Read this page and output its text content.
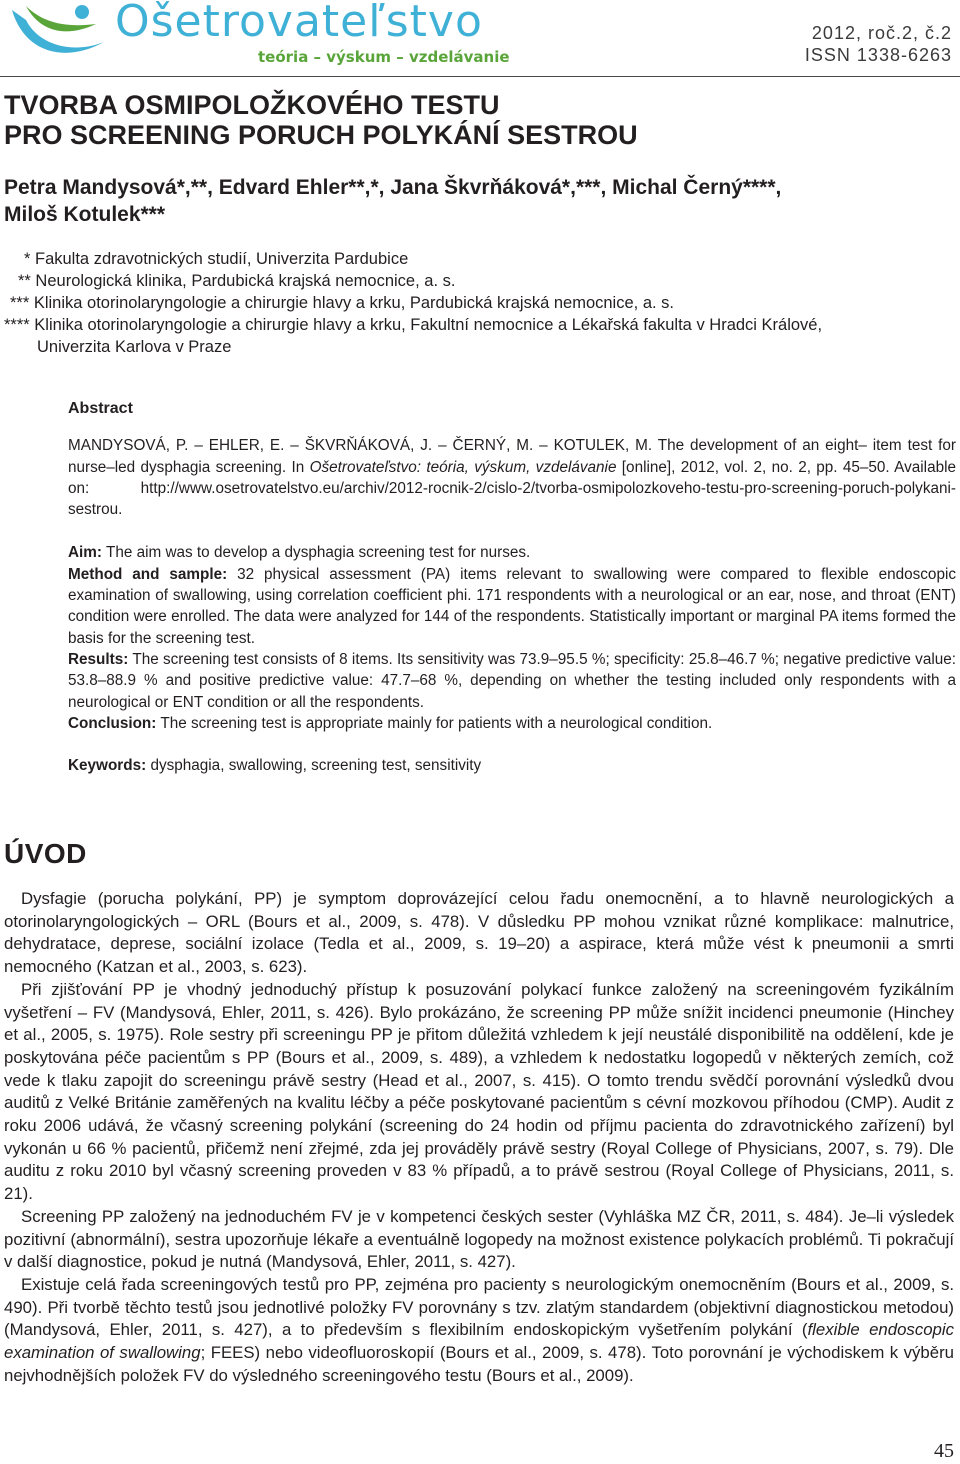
Ošetrovateľstvo
teória – výskum – vzdelávanie
2012, roč.2, č.2
ISSN 1338-6263
TVORBA OSMIPOLOŽKOVÉHO TESTU
PRO SCREENING PORUCH POLYKÁNÍ SESTROU
Petra Mandysová*,**, Edvard Ehler**,*, Jana Škvrňáková*,***, Michal Černý****,
Miloš Kotulek***
* Fakulta zdravotnických studií, Univerzita Pardubice
** Neurologická klinika, Pardubická krajská nemocnice, a. s.
*** Klinika otorinolaryngologie a chirurgie hlavy a krku, Pardubická krajská nemocnice, a. s.
**** Klinika otorinolaryngologie a chirurgie hlavy a krku, Fakultní nemocnice a Lékařská fakulta v Hradci Králové,
Univerzita Karlova v Praze
Abstract

MANDYSOVÁ, P. – EHLER, E. – ŠKVRŇÁKOVÁ, J. – ČERNÝ, M. – KOTULEK, M. The development of an eight– item test for nurse–led dysphagia screening. In Ošetrovateľstvo: teória, výskum, vzdelávanie [online], 2012, vol. 2, no. 2, pp. 45–50. Available on: http://www.osetrovatelstvo.eu/archiv/2012-rocnik-2/cislo-2/tvorba-osmipolozkoveho-testu-pro-screening-poruch-polykani-sestrou.

Aim: The aim was to develop a dysphagia screening test for nurses.

Method and sample: 32 physical assessment (PA) items relevant to swallowing were compared to flexible endoscopic examination of swallowing, using correlation coefficient phi. 171 respondents with a neurological or an ear, nose, and throat (ENT) condition were enrolled. The data were analyzed for 144 of the respondents. Statistically important or marginal PA items formed the basis for the screening test.

Results: The screening test consists of 8 items. Its sensitivity was 73.9–95.5 %; specificity: 25.8–46.7 %; negative predictive value: 53.8–88.9 % and positive predictive value: 47.7–68 %, depending on whether the testing included only respondents with a neurological or ENT condition or all the respondents.

Conclusion: The screening test is appropriate mainly for patients with a neurological condition.

Keywords: dysphagia, swallowing, screening test, sensitivity

ÚVOD

Dysfagie (porucha polykání, PP) je symptom doprovázející celou řadu onemocnění, a to hlavně neurologických a otorinolaryngologických – ORL (Bours et al., 2009, s. 478). V důsledku PP mohou vznikat různé komplikace: malnutrice, dehydratace, deprese, sociální izolace (Tedla et al., 2009, s. 19–20) a aspirace, která může vést k pneumonii a smrti nemocného (Katzan et al., 2003, s. 623).

Při zjišťování PP je vhodný jednoduchý přístup k posuzování polykací funkce založený na screeningovém fyzikálním vyšetření – FV (Mandysová, Ehler, 2011, s. 426). Bylo prokázáno, že screening PP může snížit incidenci pneumonie (Hinchey et al., 2005, s. 1975). Role sestry při screeningu PP je přitom důležitá vzhledem k její neustálé disponibilitě na oddělení, kde je poskytována péče pacientům s PP (Bours et al., 2009, s. 489), a vzhledem k nedostatku logopedů v některých zemích, což vede k tlaku zapojit do screeningu právě sestry (Head et al., 2007, s. 415). O tomto trendu svědčí porovnání výsledků dvou auditů z Velké Británie zaměřených na kvalitu léčby a péče poskytované pacientům s cévní mozkovou příhodou (CMP). Audit z roku 2006 udává, že včasný screening polykání (screening do 24 hodin od příjmu pacienta do zdravotnického zařízení) byl vykonán u 66 % pacientů, přičemž není zřejmé, zda jej prováděly právě sestry (Royal College of Physicians, 2007, s. 79). Dle auditu z roku 2010 byl včasný screening proveden v 83 % případů, a to právě sestrou (Royal College of Physicians, 2011, s. 21).

Screening PP založený na jednoduchém FV je v kompetenci českých sester (Vyhláška MZ ČR, 2011, s. 484). Je–li výsledek pozitivní (abnormální), sestra upozorňuje lékaře a eventuálně logopedy na možnost existence polykacích problémů. Ti pokračují v další diagnostice, pokud je nutná (Mandysová, Ehler, 2011, s. 427).

Existuje celá řada screeningových testů pro PP, zejména pro pacienty s neurologickým onemocněním (Bours et al., 2009, s. 490). Při tvorbě těchto testů jsou jednotlivé položky FV porovnány s tzv. zlatým standardem (objektivní diagnostickou metodou) (Mandysová, Ehler, 2011, s. 427), a to především s flexibilním endoskopickým vyšetřením polykání (flexible endoscopic examination of swallowing; FEES) nebo videofluoroskopií (Bours et al., 2009, s. 478). Toto porovnání je východiskem k výběru nejvhodnějších položek FV do výsledného screeningového testu (Bours et al., 2009).

45
